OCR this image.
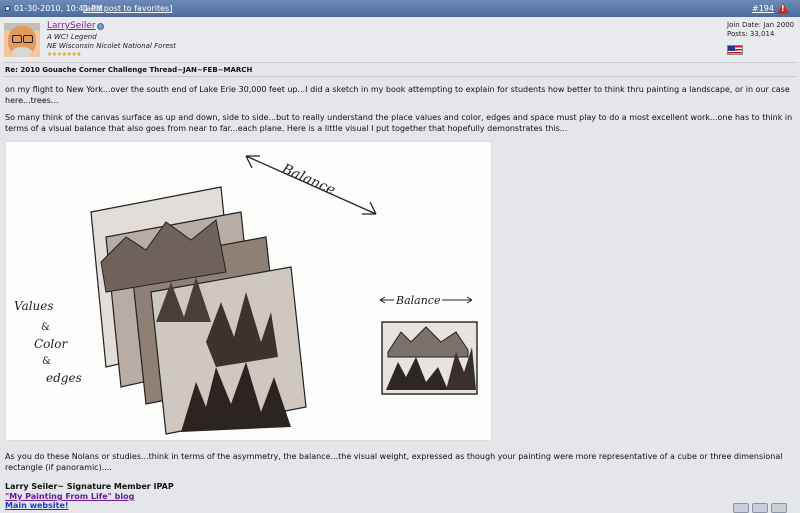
01-30-2010, 10:41 PM
[add post to favorites]	#194
!
LarrySeiler
A WC! Legend
NE Wisconsin Nicolet National Forest
★★★★★★★
Join Date: Jan 2000
Posts: 33,014
Re: 2010 Gouache Corner Challenge Thread~JAN~FEB~MARCH
on my flight to New York...over the south end of Lake Erie 30,000 feet up...I did a sketch in my book attempting to explain for students how better to think thru painting a landscape, or in our case here...trees...
So many think of the canvas surface as up and down, side to side...but to really understand the place values and color, edges and space must play to do a most excellent work...one has to think in terms of a visual balance that also goes from near to far...each plane. Here is a little visual I put together that hopefully demonstrates this...
Balance
Values
&
Color
&
edges
Balance
As you do these Nolans or studies...think in terms of the asymmetry, the balance...the visual weight, expressed as though your painting were more representative of a cube or three dimensional rectangle (if panoramic)....
Larry Seiler~ Signature Member IPAP
"My Painting From Life" blog
Main website!
